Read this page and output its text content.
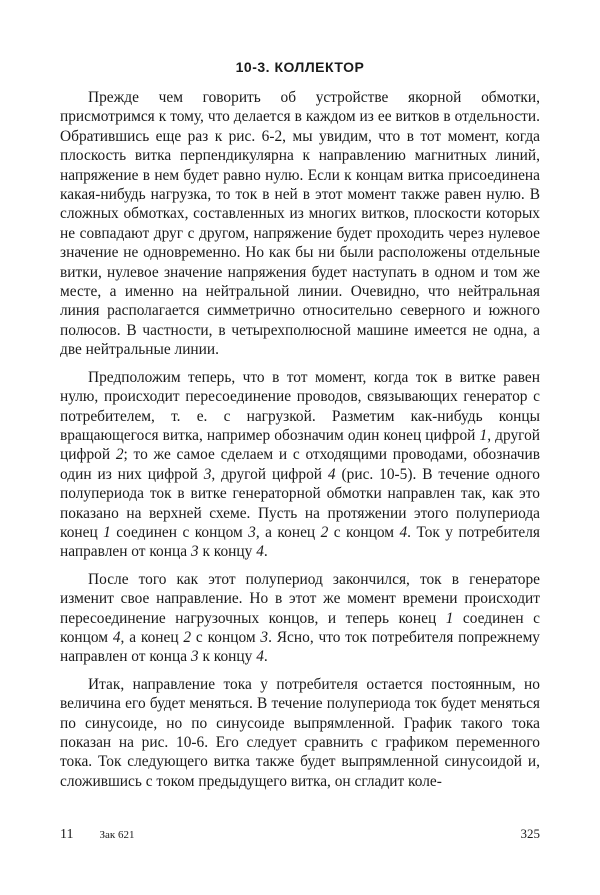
10-3. КОЛЛЕКТОР

Прежде чем говорить об устройстве якорной обмотки, присмотримся к тому, что делается в каждом из ее витков в отдельности. Обратившись еще раз к рис. 6-2, мы увидим, что в тот момент, когда плоскость витка перпендикулярна к направлению магнитных линий, напряжение в нем будет равно нулю. Если к концам витка присоединена какая-нибудь нагрузка, то ток в ней в этот момент также равен нулю. В сложных обмотках, составленных из многих витков, плоскости которых не совпадают друг с другом, напряжение будет проходить через нулевое значение не одновременно. Но как бы ни были расположены отдельные витки, нулевое значение напряжения будет наступать в одном и том же месте, а именно на нейтральной линии. Очевидно, что нейтральная линия располагается симметрично относительно северного и южного полюсов. В частности, в четырехполюсной машине имеется не одна, а две нейтральные линии.

Предположим теперь, что в тот момент, когда ток в витке равен нулю, происходит пересоединение проводов, связывающих генератор с потребителем, т. е. с нагрузкой. Разметим как-нибудь концы вращающегося витка, например обозначим один конец цифрой 1, другой цифрой 2; то же самое сделаем и с отходящими проводами, обозначив один из них цифрой 3, другой цифрой 4 (рис. 10-5). В течение одного полупериода ток в витке генераторной обмотки направлен так, как это показано на верхней схеме. Пусть на протяжении этого полупериода конец 1 соединен с концом 3, а конец 2 с концом 4. Ток у потребителя направлен от конца 3 к концу 4.

После того как этот полупериод закончился, ток в генераторе изменит свое направление. Но в этот же момент времени происходит пересоединение нагрузочных концов, и теперь конец 1 соединен с концом 4, а конец 2 с концом 3. Ясно, что ток потребителя попрежнему направлен от конца 3 к концу 4.

Итак, направление тока у потребителя остается постоянным, но величина его будет меняться. В течение полупериода ток будет меняться по синусоиде, но по синусоиде выпрямленной. График такого тока показан на рис. 10-6. Его следует сравнить с графиком переменного тока. Ток следующего витка также будет выпрямленной синусоидой и, сложившись с током предыдущего витка, он сгладит коле-

11 Зак 621	325
